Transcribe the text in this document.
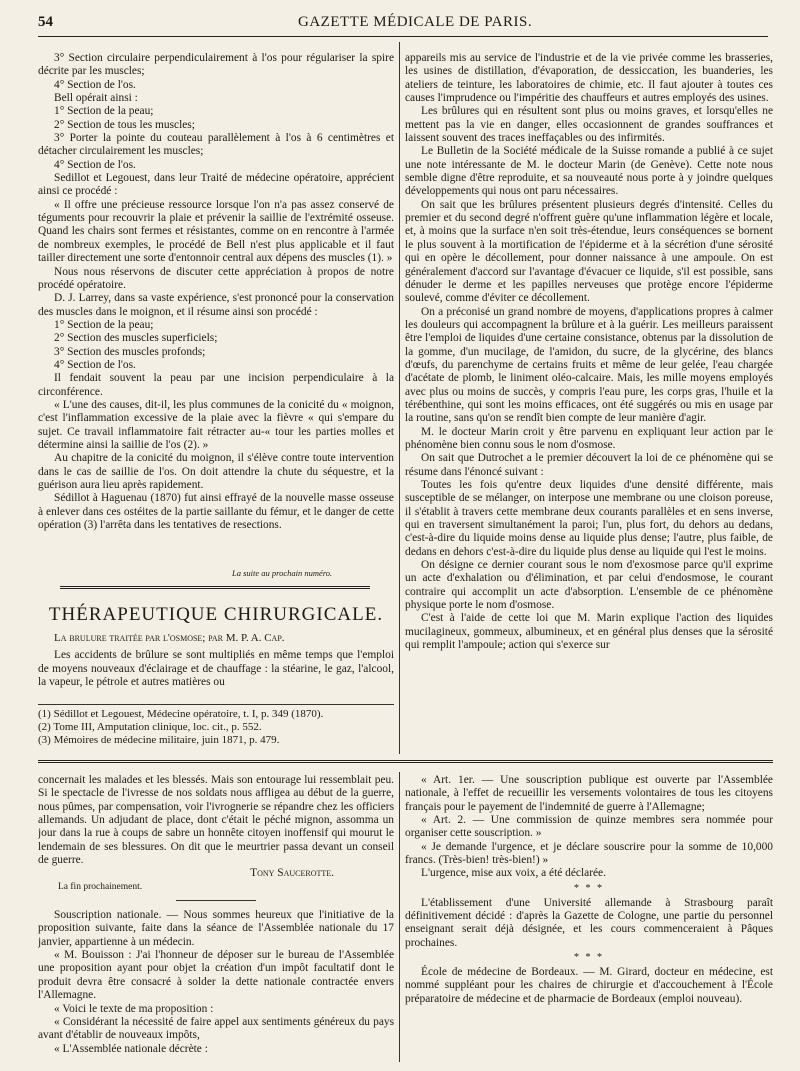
54	GAZETTE MÉDICALE DE PARIS.

3° Section circulaire perpendiculairement à l'os pour régulariser la spire décrite par les muscles;

4° Section de l'os.

Bell opérait ainsi :

1° Section de la peau;

2° Section de tous les muscles;

3° Porter la pointe du couteau parallèlement à l'os à 6 centimètres et détacher circulairement les muscles;

4° Section de l'os.

Sedillot et Legouest, dans leur Traité de médecine opératoire, apprécient ainsi ce procédé :

« Il offre une précieuse ressource lorsque l'on n'a pas assez conservé de téguments pour recouvrir la plaie et prévenir la saillie de l'extrémité osseuse. Quand les chairs sont fermes et résistantes, comme on en rencontre à l'armée de nombreux exemples, le procédé de Bell n'est plus applicable et il faut tailler directement une sorte d'entonnoir central aux dépens des muscles (1). »

Nous nous réservons de discuter cette appréciation à propos de notre procédé opératoire.

D. J. Larrey, dans sa vaste expérience, s'est prononcé pour la conservation des muscles dans le moignon, et il résume ainsi son procédé :

1° Section de la peau;

2° Section des muscles superficiels;

3° Section des muscles profonds;

4° Section de l'os.

Il fendait souvent la peau par une incision perpendiculaire à la circonférence.

« L'une des causes, dit-il, les plus communes de la conicité du « moignon, c'est l'inflammation excessive de la plaie avec la fièvre « qui s'empare du sujet. Ce travail inflammatoire fait rétracter au-« tour les parties molles et détermine ainsi la saillie de l'os (2). »

Au chapitre de la conicité du moignon, il s'élève contre toute intervention dans le cas de saillie de l'os. On doit attendre la chute du séquestre, et la guérison aura lieu après rapidement.

Sédillot à Haguenau (1870) fut ainsi effrayé de la nouvelle masse osseuse à enlever dans ces ostéites de la partie saillante du fémur, et le danger de cette opération (3) l'arrêta dans les tentatives de resections.

La suite au prochain numéro.
THÉRAPEUTIQUE CHIRURGICALE.

La brulure traitée par l'osmose; par M. P. A. Cap.

Les accidents de brûlure se sont multipliés en même temps que l'emploi de moyens nouveaux d'éclairage et de chauffage : la stéarine, le gaz, l'alcool, la vapeur, le pétrole et autres matières ou

(1) Sédillot et Legouest, Médecine opératoire, t. I, p. 349 (1870).

(2) Tome III, Amputation clinique, loc. cit., p. 552.

(3) Mémoires de médecine militaire, juin 1871, p. 479.

appareils mis au service de l'industrie et de la vie privée comme les brasseries, les usines de distillation, d'évaporation, de dessiccation, les buanderies, les ateliers de teinture, les laboratoires de chimie, etc. Il faut ajouter à toutes ces causes l'imprudence ou l'impéritie des chauffeurs et autres employés des usines.

Les brûlures qui en résultent sont plus ou moins graves, et lorsqu'elles ne mettent pas la vie en danger, elles occasionnent de grandes souffrances et laissent souvent des traces ineffaçables ou des infirmités.

Le Bulletin de la Société médicale de la Suisse romande a publié à ce sujet une note intéressante de M. le docteur Marin (de Genève). Cette note nous semble digne d'être reproduite, et sa nouveauté nous porte à y joindre quelques développements qui nous ont paru nécessaires.

On sait que les brûlures présentent plusieurs degrés d'intensité. Celles du premier et du second degré n'offrent guère qu'une inflammation légère et locale, et, à moins que la surface n'en soit très-étendue, leurs conséquences se bornent le plus souvent à la mortification de l'épiderme et à la sécrétion d'une sérosité qui en opère le décollement, pour donner naissance à une ampoule. On est généralement d'accord sur l'avantage d'évacuer ce liquide, s'il est possible, sans dénuder le derme et les papilles nerveuses que protège encore l'épiderme soulevé, comme d'éviter ce décollement.

On a préconisé un grand nombre de moyens, d'applications propres à calmer les douleurs qui accompagnent la brûlure et à la guérir. Les meilleurs paraissent être l'emploi de liquides d'une certaine consistance, obtenus par la dissolution de la gomme, d'un mucilage, de l'amidon, du sucre, de la glycérine, des blancs d'œufs, du parenchyme de certains fruits et même de leur gelée, l'eau chargée d'acétate de plomb, le liniment oléo-calcaire. Mais, les mille moyens employés avec plus ou moins de succès, y compris l'eau pure, les corps gras, l'huile et la térébenthine, qui sont les moins efficaces, ont été suggérés ou mis en usage par la routine, sans qu'on se rendît bien compte de leur manière d'agir.

M. le docteur Marin croit y être parvenu en expliquant leur action par le phénomène bien connu sous le nom d'osmose.

On sait que Dutrochet a le premier découvert la loi de ce phénomène qui se résume dans l'énoncé suivant :

Toutes les fois qu'entre deux liquides d'une densité différente, mais susceptible de se mélanger, on interpose une membrane ou une cloison poreuse, il s'établit à travers cette membrane deux courants parallèles et en sens inverse, qui en traversent simultanément la paroi; l'un, plus fort, du dehors au dedans, c'est-à-dire du liquide moins dense au liquide plus dense; l'autre, plus faible, de dedans en dehors c'est-à-dire du liquide plus dense au liquide qui l'est le moins.

On désigne ce dernier courant sous le nom d'exosmose parce qu'il exprime un acte d'exhalation ou d'élimination, et par celui d'endosmose, le courant contraire qui accomplit un acte d'absorption. L'ensemble de ce phénomène physique porte le nom d'osmose.

C'est à l'aide de cette loi que M. Marin explique l'action des liquides mucilagineux, gommeux, albumineux, et en général plus denses que la sérosité qui remplit l'ampoule; action qui s'exerce sur

concernait les malades et les blessés. Mais son entourage lui ressemblait peu. Si le spectacle de l'ivresse de nos soldats nous affligea au début de la guerre, nous pûmes, par compensation, voir l'ivrognerie se répandre chez les officiers allemands. Un adjudant de place, dont c'était le péché mignon, assomma un jour dans la rue à coups de sabre un honnête citoyen inoffensif qui mourut le lendemain de ses blessures. On dit que le meurtrier passa devant un conseil de guerre.

Tony Saucerotte.

La fin prochainement.

Souscription nationale. — Nous sommes heureux que l'initiative de la proposition suivante, faite dans la séance de l'Assemblée nationale du 17 janvier, appartienne à un médecin.

« M. Bouisson : J'ai l'honneur de déposer sur le bureau de l'Assemblée une proposition ayant pour objet la création d'un impôt facultatif dont le produit devra être consacré à solder la dette nationale contractée envers l'Allemagne.

« Voici le texte de ma proposition :

« Considérant la nécessité de faire appel aux sentiments généreux du pays avant d'établir de nouveaux impôts,

« L'Assemblée nationale décrète :

« Art. 1er. — Une souscription publique est ouverte par l'Assemblée nationale, à l'effet de recueillir les versements volontaires de tous les citoyens français pour le payement de l'indemnité de guerre à l'Allemagne;

« Art. 2. — Une commission de quinze membres sera nommée pour organiser cette souscription. »

« Je demande l'urgence, et je déclare souscrire pour la somme de 10,000 francs. (Très-bien! très-bien!) »

L'urgence, mise aux voix, a été déclarée.

* * *

L'établissement d'une Université allemande à Strasbourg paraît définitivement décidé : d'après la Gazette de Cologne, une partie du personnel enseignant serait déjà désignée, et les cours commenceraient à Pâques prochaines.

* * *

École de médecine de Bordeaux. — M. Girard, docteur en médecine, est nommé suppléant pour les chaires de chirurgie et d'accouchement à l'École préparatoire de médecine et de pharmacie de Bordeaux (emploi nouveau).
